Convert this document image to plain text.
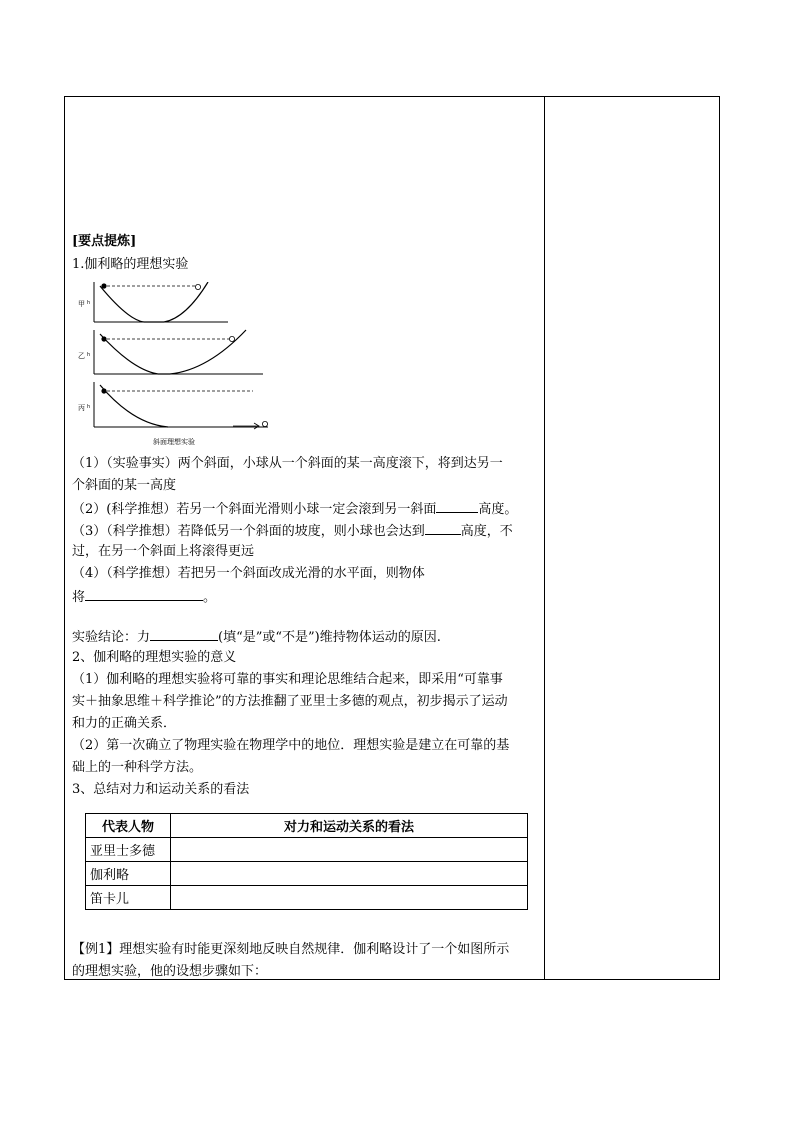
[要点提炼]
1.伽利略的理想实验
甲 h
乙 h
丙 h
斜面理想实验
（1）（实验事实）两个斜面，小球从一个斜面的某一高度滚下，将到达另一
个斜面的某一高度
（2）(科学推想）若另一个斜面光滑则小球一定会滚到另一斜面	高度。
（3）（科学推想）若降低另一个斜面的坡度，则小球也会达到	高度，不
过，在另一个斜面上将滚得更远
（4）（科学推想）若把另一个斜面改成光滑的水平面，则物体
将	。
实验结论：力	(填“是”或“不是”)维持物体运动的原因.
2、伽利略的理想实验的意义
（1）伽利略的理想实验将可靠的事实和理论思维结合起来，即采用“可靠事
实＋抽象思维＋科学推论”的方法推翻了亚里士多德的观点，初步揭示了运动
和力的正确关系．
（2）第一次确立了物理实验在物理学中的地位．理想实验是建立在可靠的基
础上的一种科学方法。
3、总结对力和运动关系的看法
【例1】理想实验有时能更深刻地反映自然规律．伽利略设计了一个如图所示
的理想实验，他的设想步骤如下：
代表人物	对力和运动关系的看法
亚里士多德	
伽利略	
笛卡儿	
